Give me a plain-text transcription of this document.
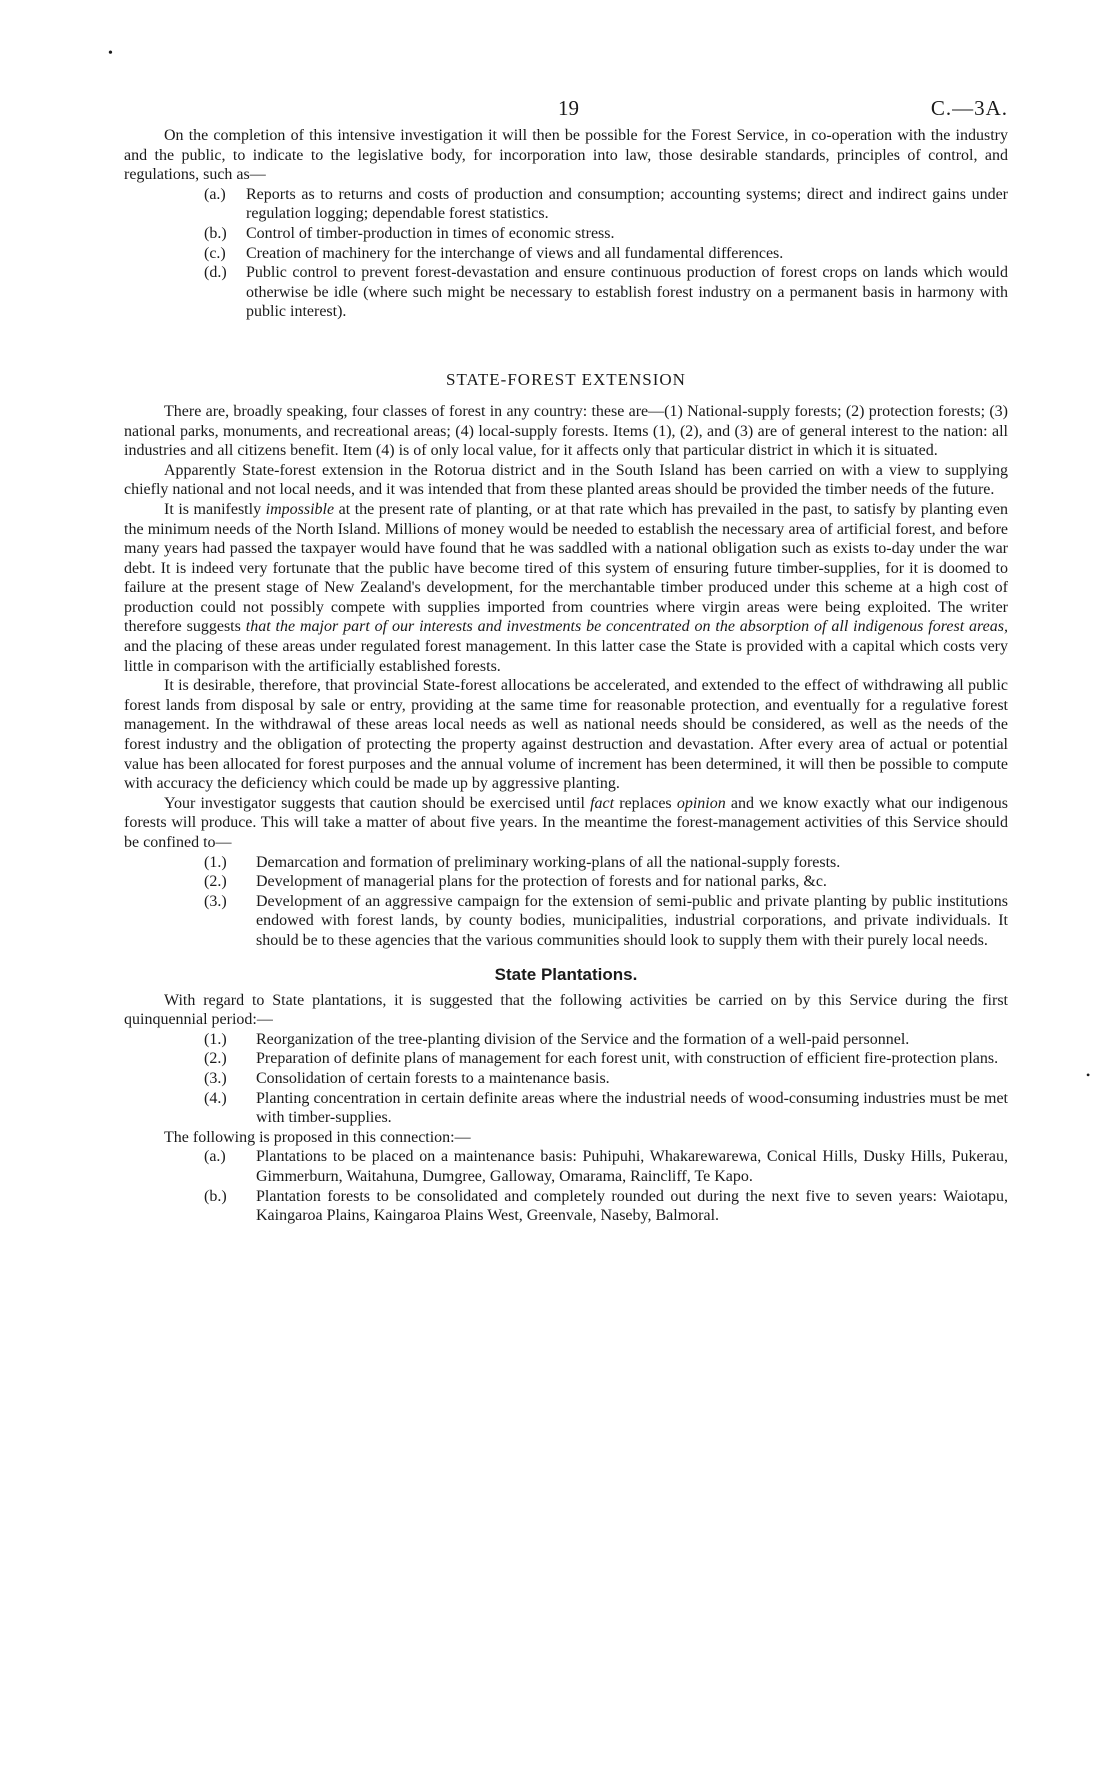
•
•
19	C.—3A.

On the completion of this intensive investigation it will then be possible for the Forest Service, in co-operation with the industry and the public, to indicate to the legislative body, for incorporation into law, those desirable standards, principles of control, and regulations, such as—

(a.)	Reports as to returns and costs of production and consumption; accounting systems; direct and indirect gains under regulation logging; dependable forest statistics.
(b.)	Control of timber-production in times of economic stress.
(c.)	Creation of machinery for the interchange of views and all fundamental differences.
(d.)	Public control to prevent forest-devastation and ensure continuous production of forest crops on lands which would otherwise be idle (where such might be necessary to establish forest industry on a permanent basis in harmony with public interest).
STATE-FOREST EXTENSION

There are, broadly speaking, four classes of forest in any country: these are—(1) National-supply forests; (2) protection forests; (3) national parks, monuments, and recreational areas; (4) local-supply forests. Items (1), (2), and (3) are of general interest to the nation: all industries and all citizens benefit. Item (4) is of only local value, for it affects only that particular district in which it is situated.

Apparently State-forest extension in the Rotorua district and in the South Island has been carried on with a view to supplying chiefly national and not local needs, and it was intended that from these planted areas should be provided the timber needs of the future.

It is manifestly impossible at the present rate of planting, or at that rate which has prevailed in the past, to satisfy by planting even the minimum needs of the North Island. Millions of money would be needed to establish the necessary area of artificial forest, and before many years had passed the taxpayer would have found that he was saddled with a national obligation such as exists to-day under the war debt. It is indeed very fortunate that the public have become tired of this system of ensuring future timber-supplies, for it is doomed to failure at the present stage of New Zealand's development, for the merchantable timber produced under this scheme at a high cost of production could not possibly compete with supplies imported from countries where virgin areas were being exploited. The writer therefore suggests that the major part of our interests and investments be concentrated on the absorption of all indigenous forest areas, and the placing of these areas under regulated forest management. In this latter case the State is provided with a capital which costs very little in comparison with the artificially established forests.

It is desirable, therefore, that provincial State-forest allocations be accelerated, and extended to the effect of withdrawing all public forest lands from disposal by sale or entry, providing at the same time for reasonable protection, and eventually for a regulative forest management. In the withdrawal of these areas local needs as well as national needs should be considered, as well as the needs of the forest industry and the obligation of protecting the property against destruction and devastation. After every area of actual or potential value has been allocated for forest purposes and the annual volume of increment has been determined, it will then be possible to compute with accuracy the deficiency which could be made up by aggressive planting.

Your investigator suggests that caution should be exercised until fact replaces opinion and we know exactly what our indigenous forests will produce. This will take a matter of about five years. In the meantime the forest-management activities of this Service should be confined to—

(1.)	Demarcation and formation of preliminary working-plans of all the national-supply forests.
(2.)	Development of managerial plans for the protection of forests and for national parks, &c.
(3.)	Development of an aggressive campaign for the extension of semi-public and private planting by public institutions endowed with forest lands, by county bodies, municipalities, industrial corporations, and private individuals. It should be to these agencies that the various communities should look to supply them with their purely local needs.
State Plantations.

With regard to State plantations, it is suggested that the following activities be carried on by this Service during the first quinquennial period:—

(1.)	Reorganization of the tree-planting division of the Service and the formation of a well-paid personnel.
(2.)	Preparation of definite plans of management for each forest unit, with construction of efficient fire-protection plans.
(3.)	Consolidation of certain forests to a maintenance basis.
(4.)	Planting concentration in certain definite areas where the industrial needs of wood-consuming industries must be met with timber-supplies.

The following is proposed in this connection:—

(a.)	Plantations to be placed on a maintenance basis: Puhipuhi, Whakarewarewa, Conical Hills, Dusky Hills, Pukerau, Gimmerburn, Waitahuna, Dumgree, Galloway, Omarama, Raincliff, Te Kapo.
(b.)	Plantation forests to be consolidated and completely rounded out during the next five to seven years: Waiotapu, Kaingaroa Plains, Kaingaroa Plains West, Greenvale, Naseby, Balmoral.
